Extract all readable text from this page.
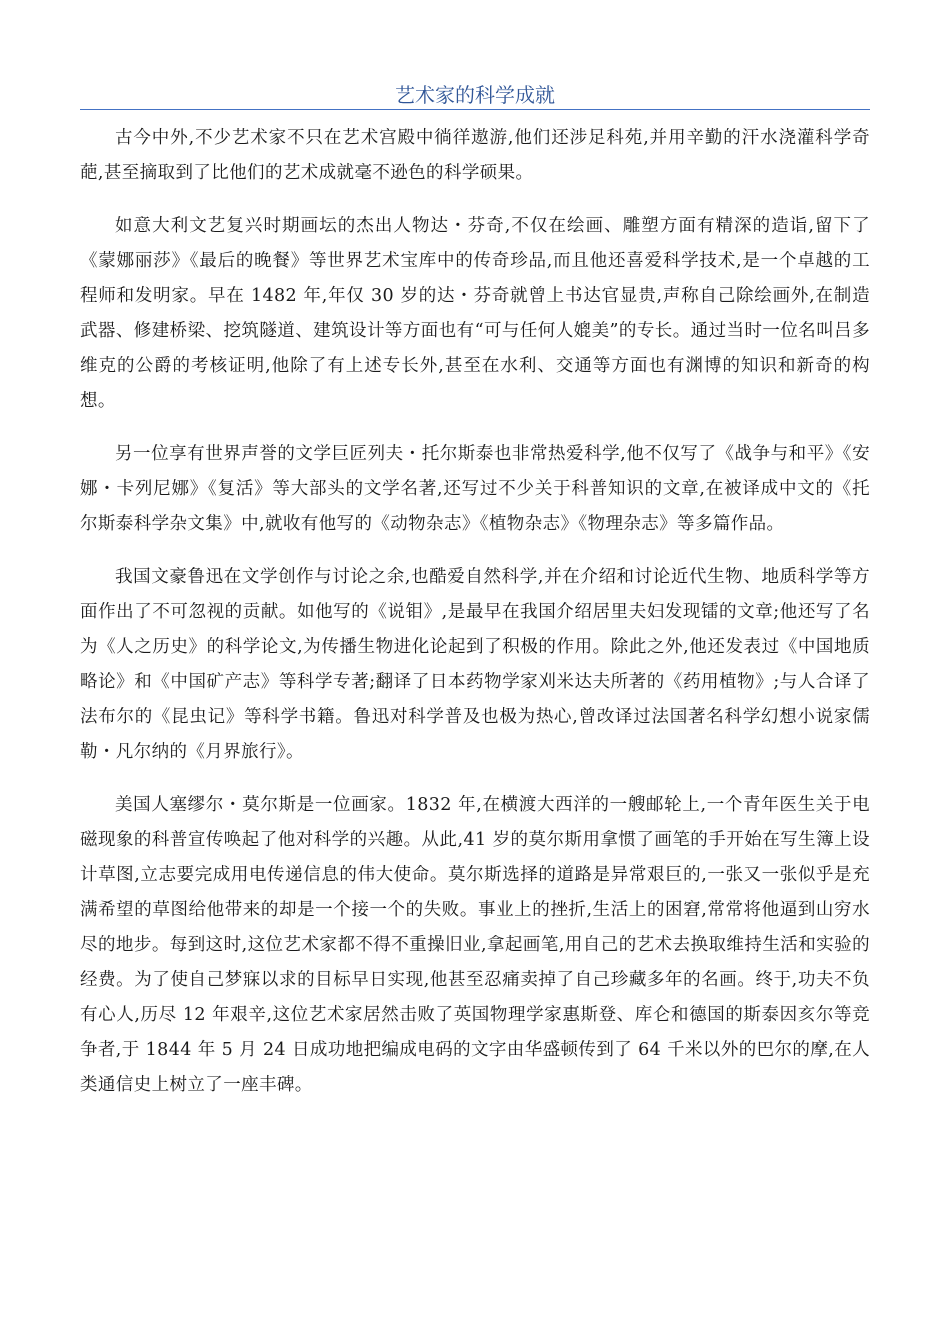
艺术家的科学成就

古今中外,不少艺术家不只在艺术宫殿中徜徉遨游,他们还涉足科苑,并用辛勤的汗水浇灌科学奇葩,甚至摘取到了比他们的艺术成就毫不逊色的科学硕果。

如意大利文艺复兴时期画坛的杰出人物达・芬奇,不仅在绘画、雕塑方面有精深的造诣,留下了《蒙娜丽莎》《最后的晚餐》等世界艺术宝库中的传奇珍品,而且他还喜爱科学技术,是一个卓越的工程师和发明家。早在 1482 年,年仅 30 岁的达・芬奇就曾上书达官显贵,声称自己除绘画外,在制造武器、修建桥梁、挖筑隧道、建筑设计等方面也有“可与任何人媲美”的专长。通过当时一位名叫吕多维克的公爵的考核证明,他除了有上述专长外,甚至在水利、交通等方面也有渊博的知识和新奇的构想。

另一位享有世界声誉的文学巨匠列夫・托尔斯泰也非常热爱科学,他不仅写了《战争与和平》《安娜・卡列尼娜》《复活》等大部头的文学名著,还写过不少关于科普知识的文章,在被译成中文的《托尔斯泰科学杂文集》中,就收有他写的《动物杂志》《植物杂志》《物理杂志》等多篇作品。

我国文豪鲁迅在文学创作与讨论之余,也酷爱自然科学,并在介绍和讨论近代生物、地质科学等方面作出了不可忽视的贡献。如他写的《说钼》,是最早在我国介绍居里夫妇发现镭的文章;他还写了名为《人之历史》的科学论文,为传播生物进化论起到了积极的作用。除此之外,他还发表过《中国地质略论》和《中国矿产志》等科学专著;翻译了日本药物学家刈米达夫所著的《药用植物》;与人合译了法布尔的《昆虫记》等科学书籍。鲁迅对科学普及也极为热心,曾改译过法国著名科学幻想小说家儒勒・凡尔纳的《月界旅行》。

美国人塞缪尔・莫尔斯是一位画家。1832 年,在横渡大西洋的一艘邮轮上,一个青年医生关于电磁现象的科普宣传唤起了他对科学的兴趣。从此,41 岁的莫尔斯用拿惯了画笔的手开始在写生簿上设计草图,立志要完成用电传递信息的伟大使命。莫尔斯选择的道路是异常艰巨的,一张又一张似乎是充满希望的草图给他带来的却是一个接一个的失败。事业上的挫折,生活上的困窘,常常将他逼到山穷水尽的地步。每到这时,这位艺术家都不得不重操旧业,拿起画笔,用自己的艺术去换取维持生活和实验的经费。为了使自己梦寐以求的目标早日实现,他甚至忍痛卖掉了自己珍藏多年的名画。终于,功夫不负有心人,历尽 12 年艰辛,这位艺术家居然击败了英国物理学家惠斯登、库仑和德国的斯泰因亥尔等竞争者,于 1844 年 5 月 24 日成功地把编成电码的文字由华盛顿传到了 64 千米以外的巴尔的摩,在人类通信史上树立了一座丰碑。
